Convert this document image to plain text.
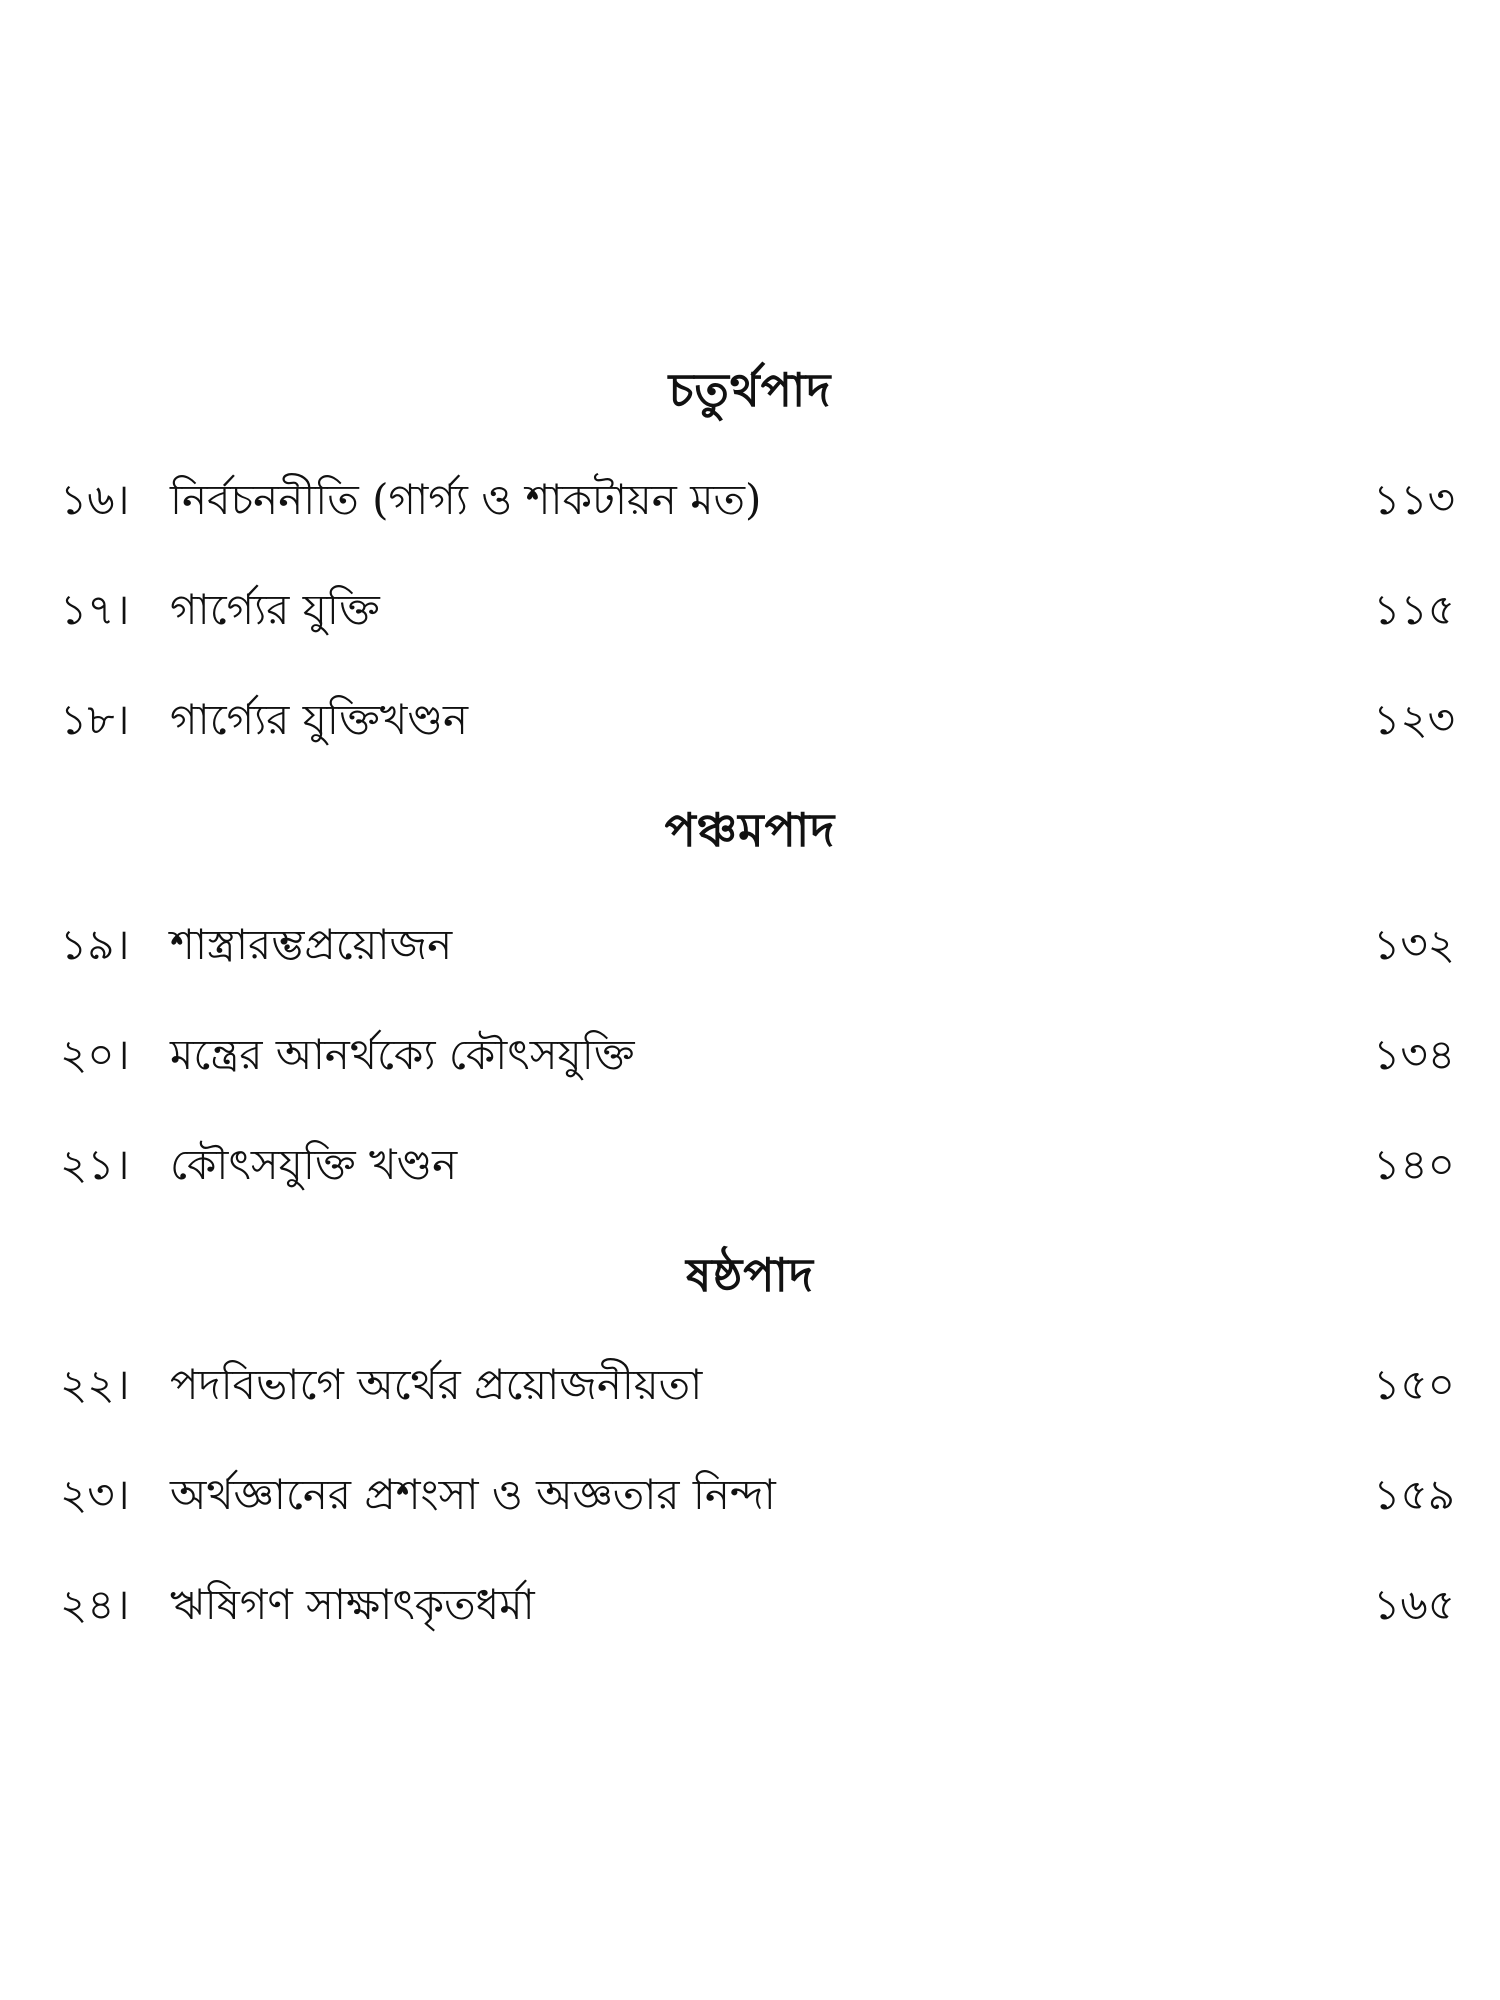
চতুর্থপাদ
১৬। নির্বচননীতি (গার্গ্য ও শাকটায়ন মত)	১১৩
১৭। গার্গ্যের যুক্তি	১১৫
১৮। গার্গ্যের যুক্তিখণ্ডন	১২৩
পঞ্চমপাদ
১৯। শাস্ত্রারম্ভপ্রয়োজন	১৩২
২০। মন্ত্রের আনর্থক্যে কৌৎসযুক্তি	১৩৪
২১। কৌৎসযুক্তি খণ্ডন	১৪০
ষষ্ঠপাদ
২২। পদবিভাগে অর্থের প্রয়োজনীয়তা	১৫০
২৩। অর্থজ্ঞানের প্রশংসা ও অজ্ঞতার নিন্দা	১৫৯
২৪। ঋষিগণ সাক্ষাৎকৃতধর্মা	১৬৫
